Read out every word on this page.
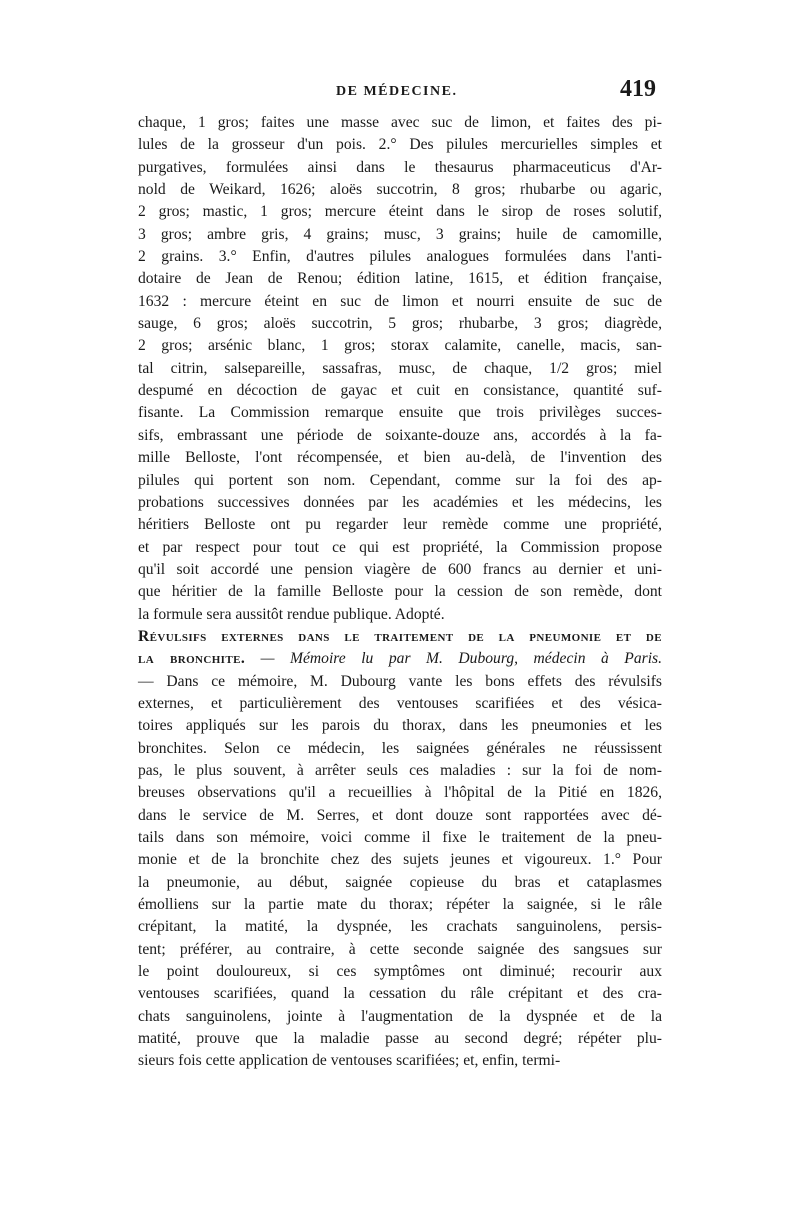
DE MÉDECINE.	419
chaque, 1 gros; faites une masse avec suc de limon, et faites des pi-
lules de la grosseur d'un pois. 2.° Des pilules mercurielles simples et
purgatives, formulées ainsi dans le thesaurus pharmaceuticus d'Ar-
nold de Weikard, 1626; aloës succotrin, 8 gros; rhubarbe ou agaric,
2 gros; mastic, 1 gros; mercure éteint dans le sirop de roses solutif,
3 gros; ambre gris, 4 grains; musc, 3 grains; huile de camomille,
2 grains. 3.° Enfin, d'autres pilules analogues formulées dans l'anti-
dotaire de Jean de Renou; édition latine, 1615, et édition française,
1632 : mercure éteint en suc de limon et nourri ensuite de suc de
sauge, 6 gros; aloës succotrin, 5 gros; rhubarbe, 3 gros; diagrède,
2 gros; arsénic blanc, 1 gros; storax calamite, canelle, macis, san-
tal citrin, salsepareille, sassafras, musc, de chaque, 1/2 gros; miel
despumé en décoction de gayac et cuit en consistance, quantité suf-
fisante. La Commission remarque ensuite que trois privilèges succes-
sifs, embrassant une période de soixante-douze ans, accordés à la fa-
mille Belloste, l'ont récompensée, et bien au-delà, de l'invention des
pilules qui portent son nom. Cependant, comme sur la foi des ap-
probations successives données par les académies et les médecins, les
héritiers Belloste ont pu regarder leur remède comme une propriété,
et par respect pour tout ce qui est propriété, la Commission propose
qu'il soit accordé une pension viagère de 600 francs au dernier et uni-
que héritier de la famille Belloste pour la cession de son remède, dont
la formule sera aussitôt rendue publique. Adopté.
Révulsifs externes dans le traitement de la pneumonie et de
la bronchite. — Mémoire lu par M. Dubourg, médecin à Paris.
— Dans ce mémoire, M. Dubourg vante les bons effets des révulsifs
externes, et particulièrement des ventouses scarifiées et des vésica-
toires appliqués sur les parois du thorax, dans les pneumonies et les
bronchites. Selon ce médecin, les saignées générales ne réussissent
pas, le plus souvent, à arrêter seuls ces maladies : sur la foi de nom-
breuses observations qu'il a recueillies à l'hôpital de la Pitié en 1826,
dans le service de M. Serres, et dont douze sont rapportées avec dé-
tails dans son mémoire, voici comme il fixe le traitement de la pneu-
monie et de la bronchite chez des sujets jeunes et vigoureux. 1.° Pour
la pneumonie, au début, saignée copieuse du bras et cataplasmes
émolliens sur la partie mate du thorax; répéter la saignée, si le râle
crépitant, la matité, la dyspnée, les crachats sanguinolens, persis-
tent; préférer, au contraire, à cette seconde saignée des sangsues sur
le point douloureux, si ces symptômes ont diminué; recourir aux
ventouses scarifiées, quand la cessation du râle crépitant et des cra-
chats sanguinolens, jointe à l'augmentation de la dyspnée et de la
matité, prouve que la maladie passe au second degré; répéter plu-
sieurs fois cette application de ventouses scarifiées; et, enfin, termi-
